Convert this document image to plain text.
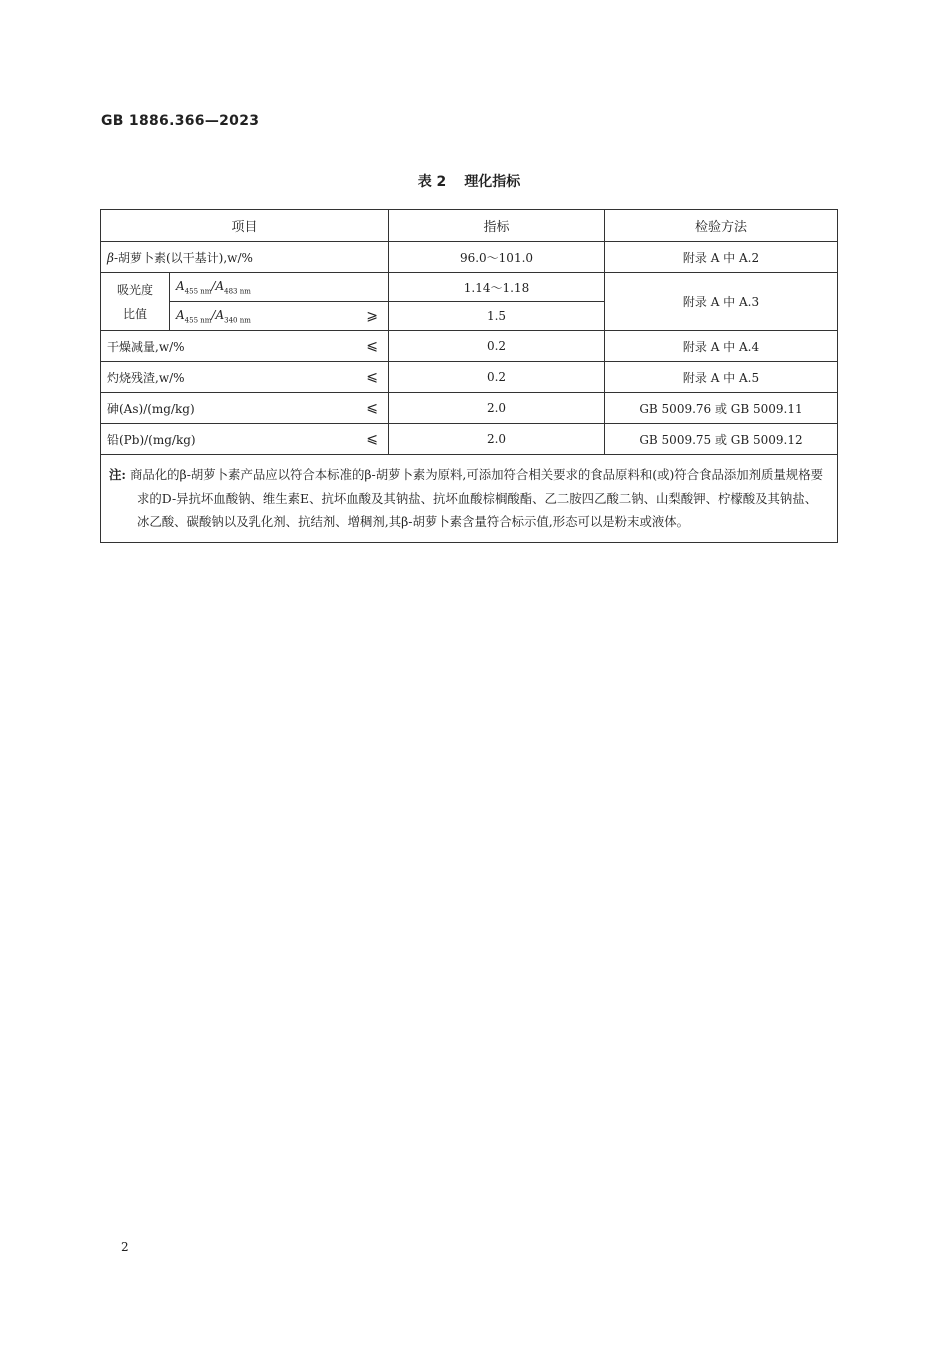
GB 1886.366—2023
表 2 理化指标
项目		指标	检验方法
β-胡萝卜素(以干基计),w/%		96.0～101.0	附录 A 中 A.2

吸光度
比值	$A_{455 nm}/A_{483 nm}$	1.14～1.18	附录 A 中 A.3

	$A_{455 nm}/A_{340 nm}$ ⩾	1.5	

干燥减量,w/% ⩽		0.2	附录 A 中 A.4

灼烧残渣,w/% ⩽		0.2	附录 A 中 A.5

砷(As)/(mg/kg) ⩽		2.0	GB 5009.76 或 GB 5009.11

铅(Pb)/(mg/kg) ⩽		2.0	GB 5009.75 或 GB 5009.12
注: 商品化的β-胡萝卜素产品应以符合本标准的β-胡萝卜素为原料,可添加符合相关要求的食品原料和(或)符合食品添加剂质量规格要求的D-异抗坏血酸钠、维生素E、抗坏血酸及其钠盐、抗坏血酸棕榈酸酯、乙二胺四乙酸二钠、山梨酸钾、柠檬酸及其钠盐、冰乙酸、碳酸钠以及乳化剂、抗结剂、增稠剂,其β-胡萝卜素含量符合标示值,形态可以是粉末或液体。			
2
